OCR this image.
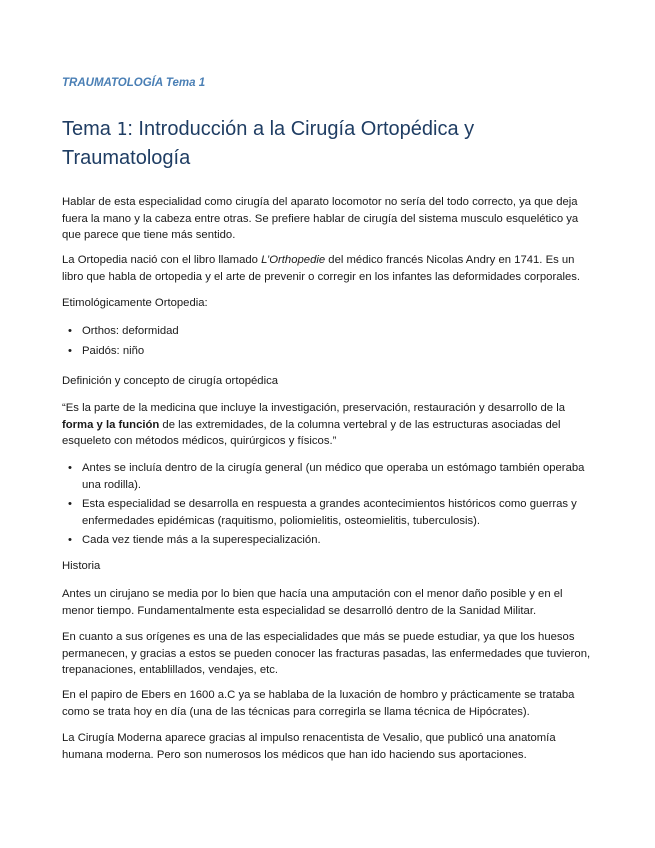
TRAUMATOLOGÍA Tema 1
Tema 1: Introducción a la Cirugía Ortopédica y Traumatología

Hablar de esta especialidad como cirugía del aparato locomotor no sería del todo correcto, ya que deja fuera la mano y la cabeza entre otras. Se prefiere hablar de cirugía del sistema musculo esquelético ya que parece que tiene más sentido.

La Ortopedia nació con el libro llamado L’Orthopedie del médico francés Nicolas Andry en 1741. Es un libro que habla de ortopedia y el arte de prevenir o corregir en los infantes las deformidades corporales.

Etimológicamente Ortopedia:

• Orthos: deformidad
• Paidós: niño

Definición y concepto de cirugía ortopédica

“Es la parte de la medicina que incluye la investigación, preservación, restauración y desarrollo de la forma y la función de las extremidades, de la columna vertebral y de las estructuras asociadas del esqueleto con métodos médicos, quirúrgicos y físicos.”

• Antes se incluía dentro de la cirugía general (un médico que operaba un estómago también operaba una rodilla).
• Esta especialidad se desarrolla en respuesta a grandes acontecimientos históricos como guerras y enfermedades epidémicas (raquitismo, poliomielitis, osteomielitis, tuberculosis).
• Cada vez tiende más a la superespecialización.

Historia

Antes un cirujano se media por lo bien que hacía una amputación con el menor daño posible y en el menor tiempo. Fundamentalmente esta especialidad se desarrolló dentro de la Sanidad Militar.

En cuanto a sus orígenes es una de las especialidades que más se puede estudiar, ya que los huesos permanecen, y gracias a estos se pueden conocer las fracturas pasadas, las enfermedades que tuvieron, trepanaciones, entablillados, vendajes, etc.

En el papiro de Ebers en 1600 a.C ya se hablaba de la luxación de hombro y prácticamente se trataba como se trata hoy en día (una de las técnicas para corregirla se llama técnica de Hipócrates).

La Cirugía Moderna aparece gracias al impulso renacentista de Vesalio, que publicó una anatomía humana moderna. Pero son numerosos los médicos que han ido haciendo sus aportaciones.
